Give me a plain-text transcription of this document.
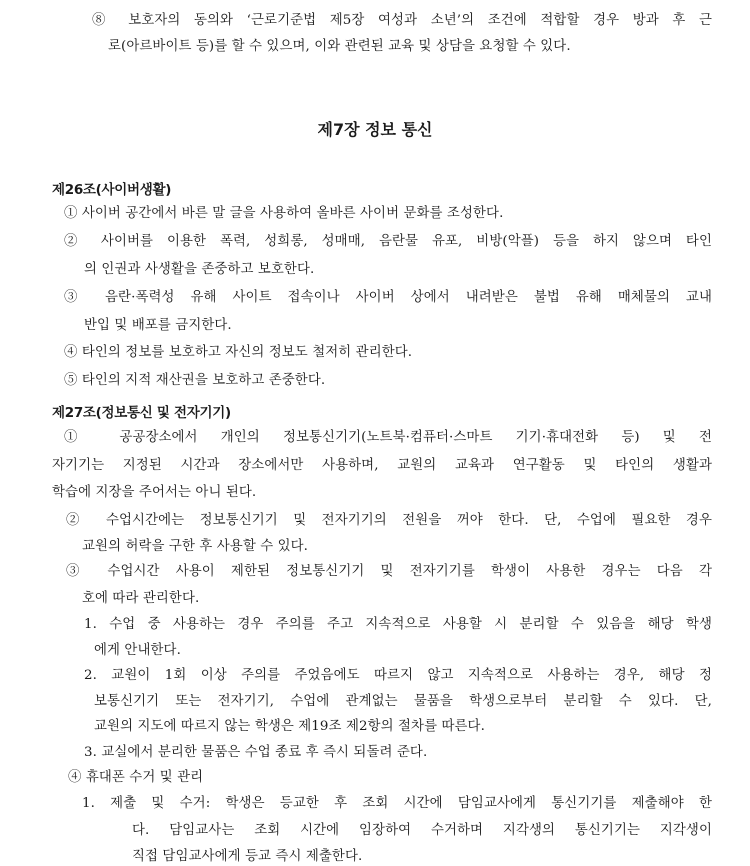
⑧ 보호자의 동의와 ‘근로기준법 제5장 여성과 소년’의 조건에 적합할 경우 방과 후 근
로(아르바이트 등)를 할 수 있으며, 이와 관련된 교육 및 상담을 요청할 수 있다.
제7장 정보 통신
제26조(사이버생활)
① 사이버 공간에서 바른 말 글을 사용하여 올바른 사이버 문화를 조성한다.
② 사이버를 이용한 폭력, 성희롱, 성매매, 음란물 유포, 비방(악플) 등을 하지 않으며 타인
의 인권과 사생활을 존중하고 보호한다.
③ 음란·폭력성 유해 사이트 접속이나 사이버 상에서 내려받은 불법 유해 매체물의 교내
반입 및 배포를 금지한다.
④ 타인의 정보를 보호하고 자신의 정보도 철저히 관리한다.
⑤ 타인의 지적 재산권을 보호하고 존중한다.
제27조(정보통신 및 전자기기)
① 공공장소에서 개인의 정보통신기기(노트북·컴퓨터·스마트 기기·휴대전화 등) 및 전
자기기는 지정된 시간과 장소에서만 사용하며, 교원의 교육과 연구활동 및 타인의 생활과
학습에 지장을 주어서는 아니 된다.
② 수업시간에는 정보통신기기 및 전자기기의 전원을 꺼야 한다. 단, 수업에 필요한 경우
교원의 허락을 구한 후 사용할 수 있다.
③ 수업시간 사용이 제한된 정보통신기기 및 전자기기를 학생이 사용한 경우는 다음 각
호에 따라 관리한다.
1. 수업 중 사용하는 경우 주의를 주고 지속적으로 사용할 시 분리할 수 있음을 해당 학생
에게 안내한다.
2. 교원이 1회 이상 주의를 주었음에도 따르지 않고 지속적으로 사용하는 경우, 해당 정
보통신기기 또는 전자기기, 수업에 관계없는 물품을 학생으로부터 분리할 수 있다. 단,
교원의 지도에 따르지 않는 학생은 제19조 제2항의 절차를 따른다.
3. 교실에서 분리한 물품은 수업 종료 후 즉시 되돌려 준다.
④ 휴대폰 수거 및 관리
1. 제출 및 수거: 학생은 등교한 후 조회 시간에 담임교사에게 통신기기를 제출해야 한
다. 담임교사는 조회 시간에 임장하여 수거하며 지각생의 통신기기는 지각생이
직접 담임교사에게 등교 즉시 제출한다.
